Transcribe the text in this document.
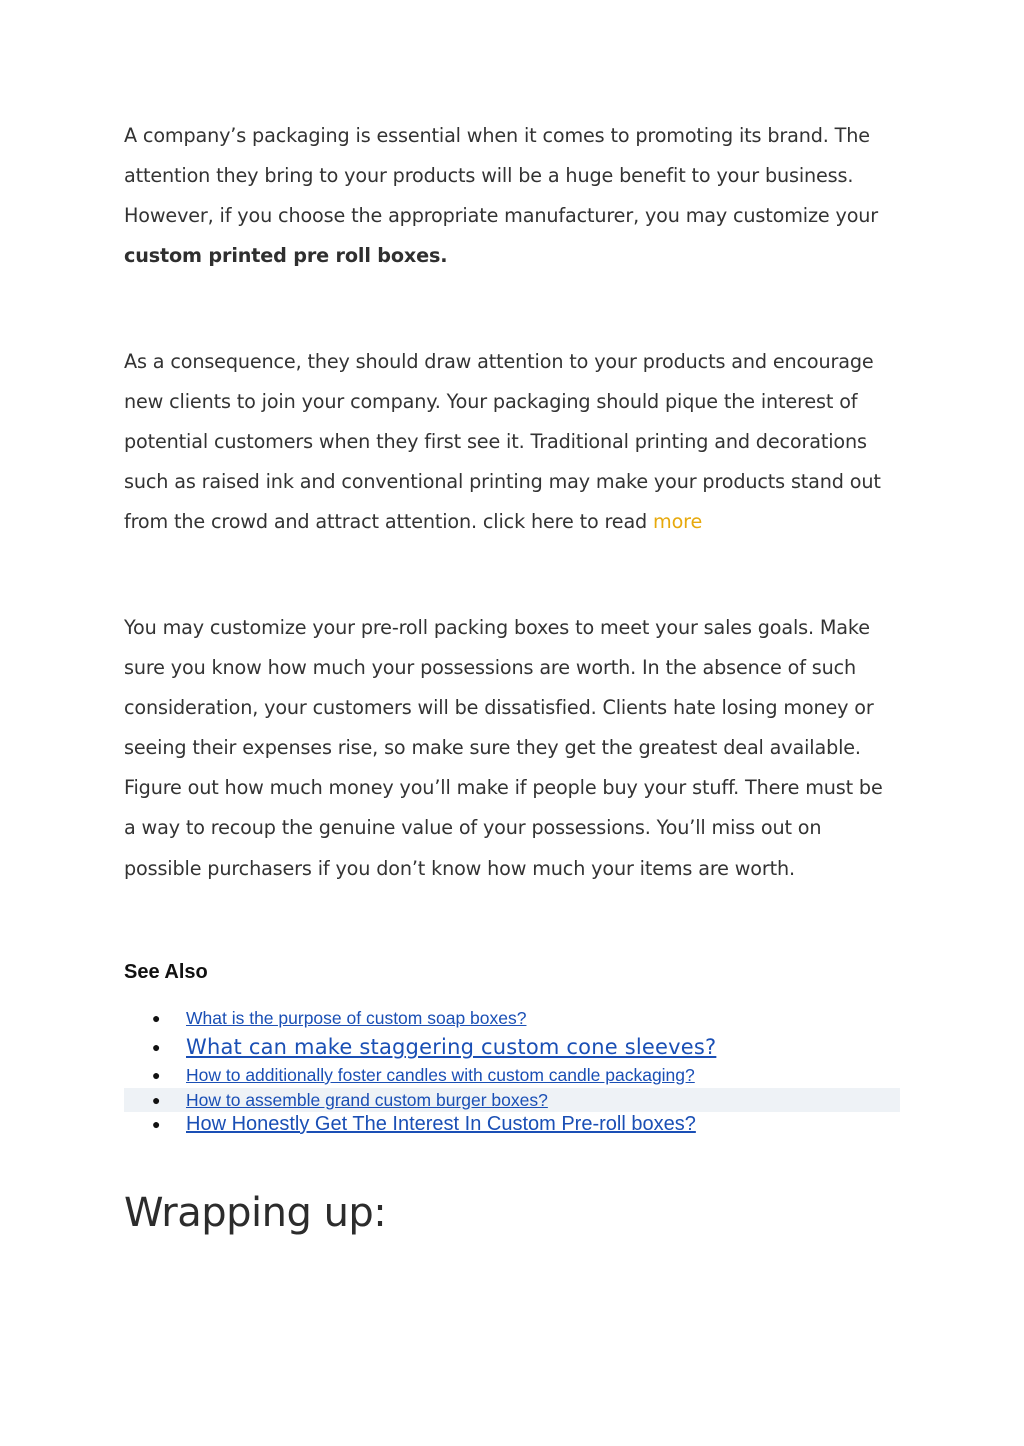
A company’s packaging is essential when it comes to promoting its brand. The attention they bring to your products will be a huge benefit to your business. However, if you choose the appropriate manufacturer, you may customize your custom printed pre roll boxes.

As a consequence, they should draw attention to your products and encourage new clients to join your company. Your packaging should pique the interest of potential customers when they first see it. Traditional printing and decorations such as raised ink and conventional printing may make your products stand out from the crowd and attract attention. click here to read more

You may customize your pre-roll packing boxes to meet your sales goals. Make sure you know how much your possessions are worth. In the absence of such consideration, your customers will be dissatisfied. Clients hate losing money or seeing their expenses rise, so make sure they get the greatest deal available. Figure out how much money you’ll make if people buy your stuff. There must be a way to recoup the genuine value of your possessions. You’ll miss out on possible purchasers if you don’t know how much your items are worth.

See Also
● What is the purpose of custom soap boxes?
● What can make staggering custom cone sleeves?
● How to additionally foster candles with custom candle packaging?
● How to assemble grand custom burger boxes?
● How Honestly Get The Interest In Custom Pre-roll boxes?
Wrapping up:
